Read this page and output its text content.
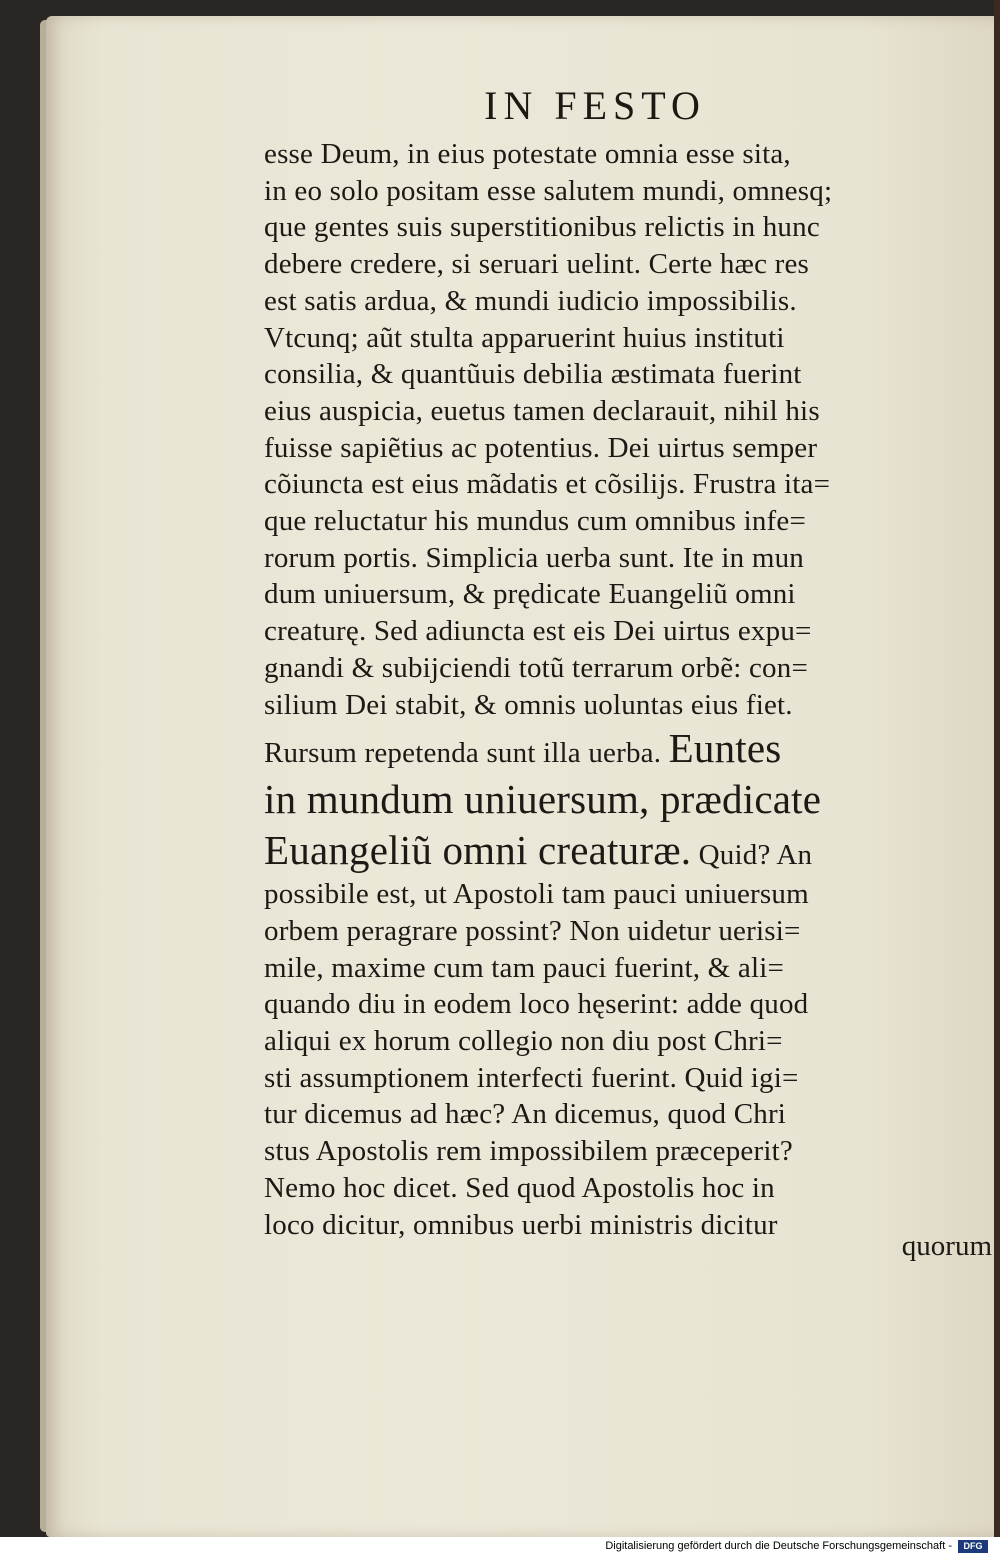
IN FESTO
esse Deum, in eius potestate omnia esse sita,
in eo solo positam esse salutem mundi, omnesq;
que gentes suis superstitionibus relictis in hunc
debere credere, si seruari uelint. Certe hæc res
est satis ardua, & mundi iudicio impossibilis.
Vtcunq; aũt stulta apparuerint huius instituti
consilia, & quantũuis debilia æstimata fuerint
eius auspicia, euetus tamen declarauit, nihil his
fuisse sapiẽtius ac potentius. Dei uirtus semper
cõiuncta est eius mãdatis et cõsilijs. Frustra ita=
que reluctatur his mundus cum omnibus infe=
rorum portis. Simplicia uerba sunt. Ite in mun
dum uniuersum, & prędicate Euangeliũ omni
creaturę. Sed adiuncta est eis Dei uirtus expu=
gnandi & subijciendi totũ terrarum orbẽ: con=
silium Dei stabit, & omnis uoluntas eius fiet.
Rursum repetenda sunt illa uerba. Euntes
in mundum uniuersum, prædicate
Euangeliũ omni creaturæ. Quid? An
possibile est, ut Apostoli tam pauci uniuersum
orbem peragrare possint? Non uidetur uerisi=
mile, maxime cum tam pauci fuerint, & ali=
quando diu in eodem loco hęserint: adde quod
aliqui ex horum collegio non diu post Chri=
sti assumptionem interfecti fuerint. Quid igi=
tur dicemus ad hæc? An dicemus, quod Chri
stus Apostolis rem impossibilem præceperit?
Nemo hoc dicet. Sed quod Apostolis hoc in
loco dicitur, omnibus uerbi ministris dicitur
quorum
Digitalisierung gefördert durch die Deutsche Forschungsgemeinschaft -	DFG
